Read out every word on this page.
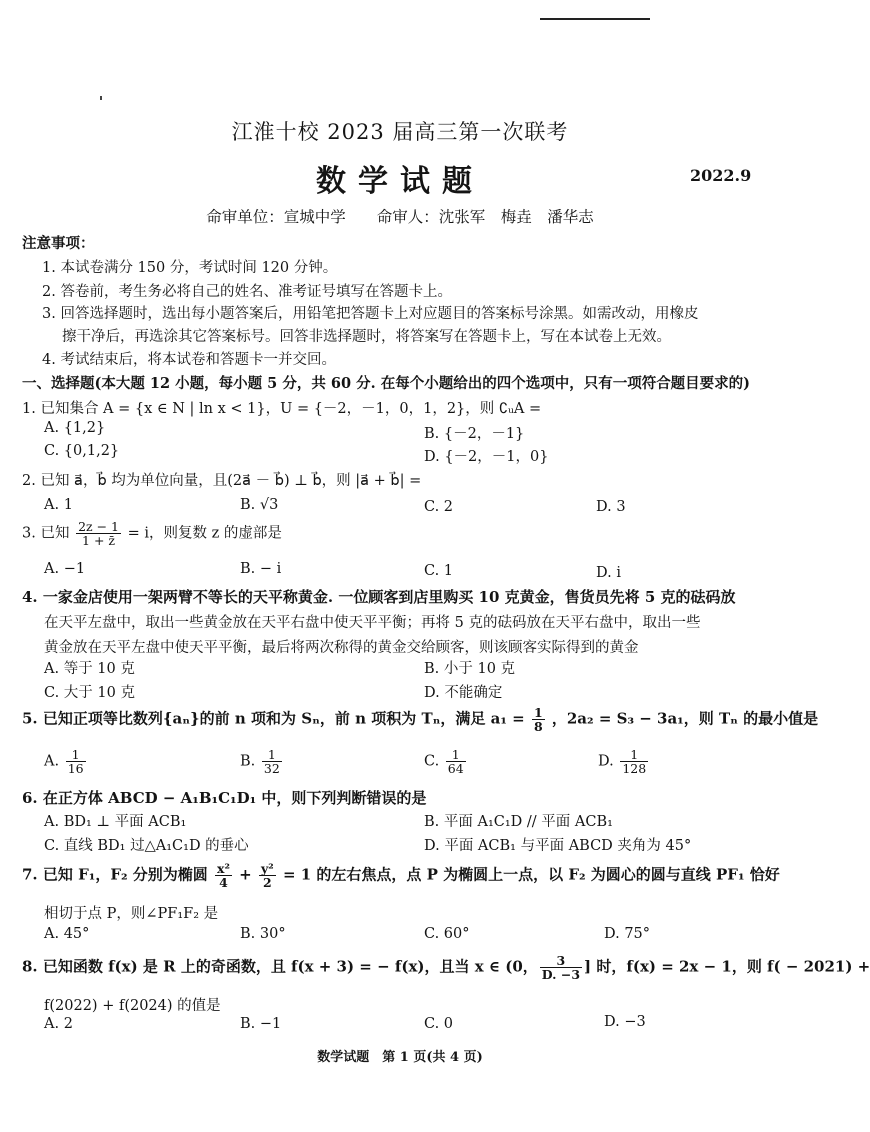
江淮十校 2023 届高三第一次联考
数学试题	2022.9
命审单位：宣城中学　　命审人：沈张军　梅垚　潘华志
注意事项：
1. 本试卷满分 150 分，考试时间 120 分钟。
2. 答卷前，考生务必将自己的姓名、准考证号填写在答题卡上。
3. 回答选择题时，选出每小题答案后，用铅笔把答题卡上对应题目的答案标号涂黑。如需改动，用橡皮
擦干净后，再选涂其它答案标号。回答非选择题时，将答案写在答题卡上，写在本试卷上无效。
4. 考试结束后，将本试卷和答题卡一并交回。
一、选择题(本大题 12 小题，每小题 5 分，共 60 分. 在每个小题给出的四个选项中，只有一项符合题目要求的)
1. 已知集合 A = {x ∈ N | ln x < 1}，U = {－2，－1，0，1，2}，则 ∁ᵤA =
A. {1,2}	B. {－2，－1}
C. {0,1,2}	D. {－2，－1，0}
2. 已知 a⃗，b⃗ 均为单位向量，且(2a⃗ － b⃗) ⊥ b⃗，则 |a⃗ + b⃗| =
A. 1	B. √3	C. 2	D. 3
3. 已知 $\frac{2z - 1}{1 + z̄} = i$，则复数 z 的虚部是
A. −1	B. − i	C. 1	D. i
4. 一家金店使用一架两臂不等长的天平称黄金. 一位顾客到店里购买 10 克黄金，售货员先将 5 克的砝码放
在天平左盘中，取出一些黄金放在天平右盘中使天平平衡；再将 5 克的砝码放在天平右盘中，取出一些
黄金放在天平左盘中使天平平衡，最后将两次称得的黄金交给顾客，则该顾客实际得到的黄金
A. 等于 10 克	B. 小于 10 克
C. 大于 10 克	D. 不能确定
5. 已知正项等比数列{aₙ}的前 n 项和为 Sₙ，前 n 项积为 Tₙ，满足 $a_1 = \frac{1}{8}$ ，2a₂ = S₃ − 3a₁，则 Tₙ 的最小值是
A. $\frac{1}{16}$	B. $\frac{1}{32}$	C. $\frac{1}{64}$	D. $\frac{1}{128}$
6. 在正方体 ABCD − A₁B₁C₁D₁ 中，则下列判断错误的是
A. BD₁ ⊥ 平面 ACB₁	B. 平面 A₁C₁D // 平面 ACB₁
C. 直线 BD₁ 过△A₁C₁D 的垂心	D. 平面 ACB₁ 与平面 ABCD 夹角为 45°
7. 已知 F₁，F₂ 分别为椭圆 $\frac{\text{x²}}{4} + \frac{\text{y²}}{2} = 1$ 的左右焦点，点 P 为椭圆上一点，以 F₂ 为圆心的圆与直线 PF₁ 恰好
相切于点 P，则∠PF₁F₂ 是
A. 45°	B. 30°	C. 60°	D. 75°
8. 已知函数 f(x) 是 R 上的奇函数，且 f(x + 3) = − f(x)，且当 x ∈ (0， $\frac{3}{D. -3}$ ] 时，f(x) = 2x − 1，则 f( − 2021) +
f(2022) + f(2024) 的值是
A. 2	B. −1	C. 0	D. −3
数学试题　第 1 页(共 4 页)
